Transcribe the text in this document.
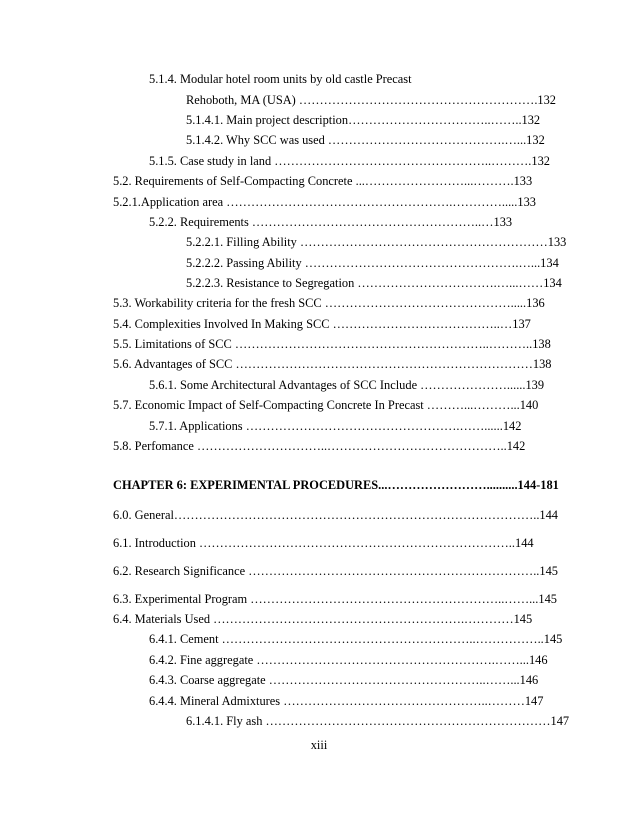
5.1.4. Modular hotel room units by old castle Precast
Rehoboth, MA (USA) ………………………………………………….132
5.1.4.1. Main project description……………………………..……..132
5.1.4.2. Why SCC was used …………………………………….…...132
5.1.5. Case study in land ……………………………………………..……….132
5.2. Requirements of Self-Compacting Concrete ...……………………...……….133
5.2.1.Application area ……………………………………………….………….....133
5.2.2. Requirements ………………………………………………..…133
5.2.2.1. Filling Ability ……………………………………………………133
5.2.2.2. Passing Ability …………………………………………….…...134
5.2.2.3. Resistance to Segregation …………………………….…...……134
5.3. Workability criteria for the fresh SCC ……………………………………….....136
5.4. Complexities Involved In Making SCC …………………………………..…137
5.5. Limitations of SCC ……………………………………………………..………..138
5.6. Advantages of SCC ………………………………………………………………138
5.6.1. Some Architectural Advantages of SCC Include …………………......139
5.7. Economic Impact of Self-Compacting Concrete In Precast ………...………...140
5.7.1. Applications …………………………………………….……......142
5.8. Perfomance …………………………..……………………………………..142
CHAPTER 6: EXPERIMENTAL PROCEDURES...……………………..........144-181
6.0. General……………………………………………………………………………..144
6.1. Introduction …………………………………………………………………..144
6.2. Research Significance ……………………………………………………………..145
6.3. Experimental Program ……………………………………………………..……...145
6.4. Materials Used …………………………………………………….…………145
6.4.1. Cement ……………………………………………………..……………..145
6.4.2. Fine aggregate ………………………………………………….……...146
6.4.3. Coarse aggregate ……………………………………………..……...146
6.4.4. Mineral Admixtures …………………………………………..………147
6.1.4.1. Fly ash ……………………………………………………………147
xiii
